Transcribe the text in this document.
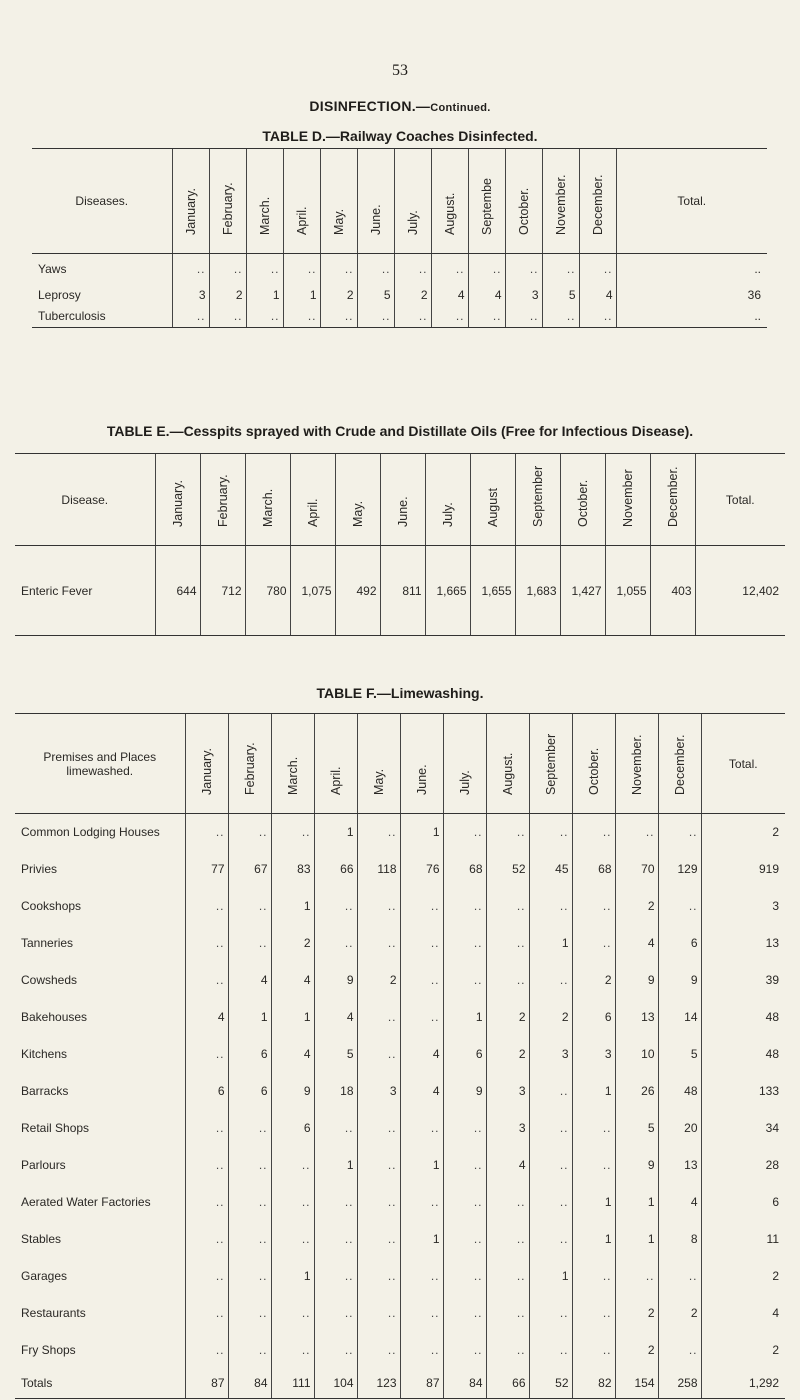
53
DISINFECTION.—Continued.
TABLE D.—Railway Coaches Disinfected.
Diseases.	January.	February.	March.	April.	May.	June.	July.	August.	Septembe	October.	November.	December.	Total.
Yaws	..	..	..	..	..	..	..	..	..	..	..	..	..
Leprosy	3	2	1	1	2	5	2	4	4	3	5	4	36
Tuberculosis	..	..	..	..	..	..	..	..	..	..	..	..	..
TABLE E.—Cesspits sprayed with Crude and Distillate Oils (Free for Infectious Disease).
Disease.	January.	February.	March.	April.	May.	June.	July.	August	September	October.	November	December.	Total.
Enteric Fever	644	712	780	1,075	492	811	1,665	1,655	1,683	1,427	1,055	403	12,402
TABLE F.—Limewashing.
Premises and Places limewashed.	January.	February.	March.	April.	May.	June.	July.	August.	September	October.	November.	December.	Total.
Common Lodging Houses	..	..	..	1	..	1	..	..	..	..	..	..	2
Privies	77	67	83	66	118	76	68	52	45	68	70	129	919
Cookshops	..	..	1	..	..	..	..	..	..	..	2	..	3
Tanneries	..	..	2	..	..	..	..	..	1	..	4	6	13
Cowsheds	..	4	4	9	2	..	..	..	..	2	9	9	39
Bakehouses	4	1	1	4	..	..	1	2	2	6	13	14	48
Kitchens	..	6	4	5	..	4	6	2	3	3	10	5	48
Barracks	6	6	9	18	3	4	9	3	..	1	26	48	133
Retail Shops	..	..	6	..	..	..	..	3	..	..	5	20	34
Parlours	..	..	..	1	..	1	..	4	..	..	9	13	28
Aerated Water Factories	..	..	..	..	..	..	..	..	..	1	1	4	6
Stables	..	..	..	..	..	1	..	..	..	1	1	8	11
Garages	..	..	1	..	..	..	..	..	1	..	..	..	2
Restaurants	..	..	..	..	..	..	..	..	..	..	2	2	4
Fry Shops	..	..	..	..	..	..	..	..	..	..	2	..	2
Totals	87	84	111	104	123	87	84	66	52	82	154	258	1,292
